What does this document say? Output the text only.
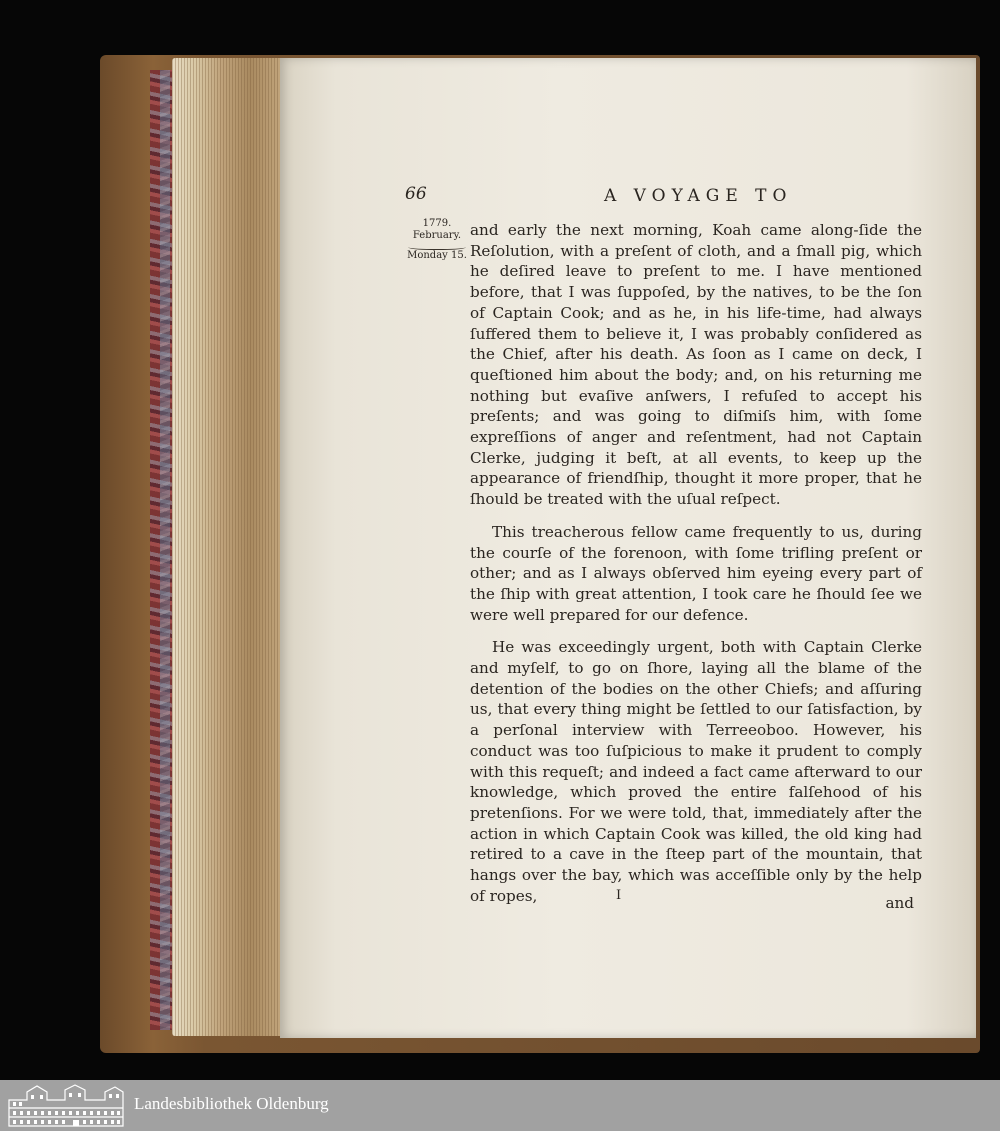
66	A VOYAGE TO
1779.
February.
Monday 15.

and early the next morning, Koah came along-ſide the Reſolution, with a preſent of cloth, and a ſmall pig, which he deſired leave to preſent to me. I have mentioned before, that I was ſuppoſed, by the natives, to be the ſon of Captain Cook; and as he, in his life-time, had always ſuffered them to believe it, I was probably conſidered as the Chief, after his death. As ſoon as I came on deck, I queſtioned him about the body; and, on his returning me nothing but evaſive anſwers, I refuſed to accept his preſents; and was going to diſmiſs him, with ſome expreſſions of anger and reſentment, had not Captain Clerke, judging it beſt, at all events, to keep up the appearance of friendſhip, thought it more proper, that he ſhould be treated with the uſual reſpect.

This treacherous fellow came frequently to us, during the courſe of the forenoon, with ſome trifling preſent or other; and as I always obſerved him eyeing every part of the ſhip with great attention, I took care he ſhould ſee we were well prepared for our defence.

He was exceedingly urgent, both with Captain Clerke and myſelf, to go on ſhore, laying all the blame of the detention of the bodies on the other Chiefs; and aſſuring us, that every thing might be ſettled to our ſatisfaction, by a perſonal interview with Terreeoboo. However, his conduct was too ſuſpicious to make it prudent to comply with this requeſt; and indeed a fact came afterward to our knowledge, which proved the entire falſehood of his pretenſions. For we were told, that, immediately after the action in which Captain Cook was killed, the old king had retired to a cave in the ſteep part of the mountain, that hangs over the bay, which was acceſſible only by the help of ropes,	I	and
Landesbibliothek Oldenburg
